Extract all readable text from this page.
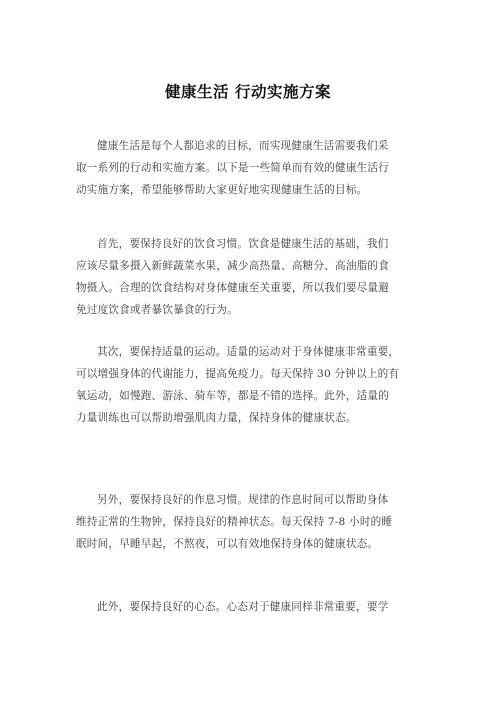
健康生活 行动实施方案
健康生活是每个人都追求的目标，而实现健康生活需要我们采
取一系列的行动和实施方案。以下是一些简单而有效的健康生活行
动实施方案，希望能够帮助大家更好地实现健康生活的目标。
首先，要保持良好的饮食习惯。饮食是健康生活的基础，我们
应该尽量多摄入新鲜蔬菜水果，减少高热量、高糖分、高油脂的食
物摄入。合理的饮食结构对身体健康至关重要，所以我们要尽量避
免过度饮食或者暴饮暴食的行为。
其次，要保持适量的运动。适量的运动对于身体健康非常重要，
可以增强身体的代谢能力，提高免疫力。每天保持 30 分钟以上的有
氧运动，如慢跑、游泳、骑车等，都是不错的选择。此外，适量的
力量训练也可以帮助增强肌肉力量，保持身体的健康状态。
另外，要保持良好的作息习惯。规律的作息时间可以帮助身体
维持正常的生物钟，保持良好的精神状态。每天保持 7-8 小时的睡
眠时间，早睡早起，不熬夜，可以有效地保持身体的健康状态。
此外，要保持良好的心态。心态对于健康同样非常重要，要学
